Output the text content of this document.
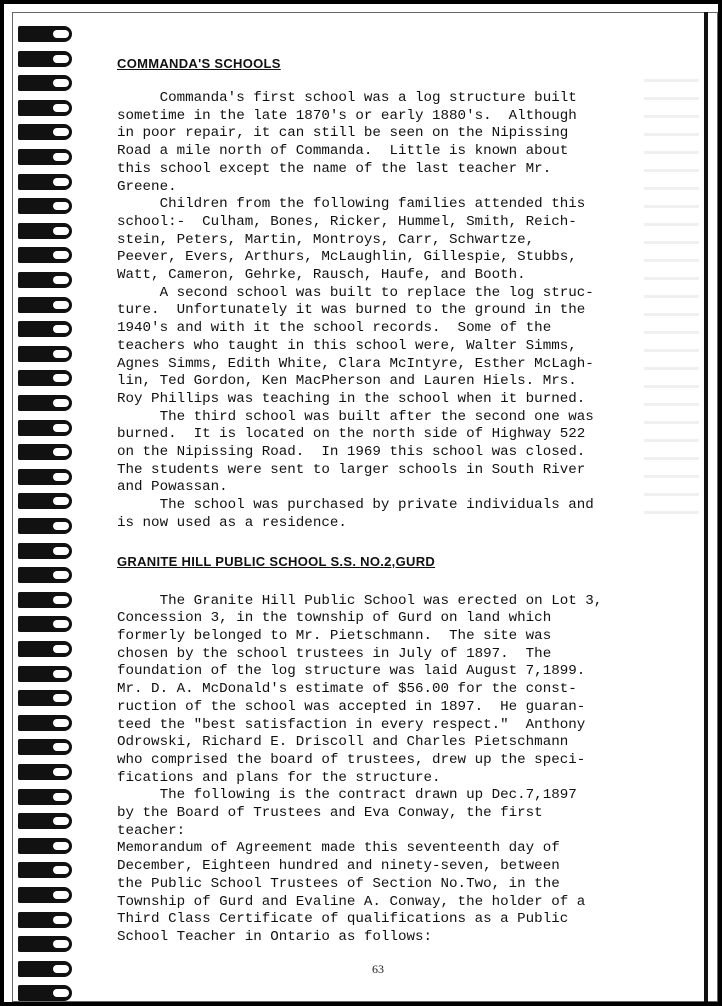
COMMANDA'S SCHOOLS

Commanda's first school was a log structure built
sometime in the late 1870's or early 1880's.  Although
in poor repair, it can still be seen on the Nipissing
Road a mile north of Commanda.  Little is known about
this school except the name of the last teacher Mr.
Greene.

Children from the following families attended this
school:-  Culham, Bones, Ricker, Hummel, Smith, Reich-
stein, Peters, Martin, Montroys, Carr, Schwartze,
Peever, Evers, Arthurs, McLaughlin, Gillespie, Stubbs,
Watt, Cameron, Gehrke, Rausch, Haufe, and Booth.

A second school was built to replace the log struc-
ture.  Unfortunately it was burned to the ground in the
1940's and with it the school records.  Some of the
teachers who taught in this school were, Walter Simms,
Agnes Simms, Edith White, Clara McIntyre, Esther McLagh-
lin, Ted Gordon, Ken MacPherson and Lauren Hiels. Mrs.
Roy Phillips was teaching in the school when it burned.

The third school was built after the second one was
burned.  It is located on the north side of Highway 522
on the Nipissing Road.  In 1969 this school was closed.
The students were sent to larger schools in South River
and Powassan.

The school was purchased by private individuals and
is now used as a residence.

GRANITE HILL PUBLIC SCHOOL S.S. NO.2,GURD

The Granite Hill Public School was erected on Lot 3,
Concession 3, in the township of Gurd on land which
formerly belonged to Mr. Pietschmann.  The site was
chosen by the school trustees in July of 1897.  The
foundation of the log structure was laid August 7,1899.
Mr. D. A. McDonald's estimate of $56.00 for the const-
ruction of the school was accepted in 1897.  He guaran-
teed the "best satisfaction in every respect."  Anthony
Odrowski, Richard E. Driscoll and Charles Pietschmann
who comprised the board of trustees, drew up the speci-
fications and plans for the structure.

The following is the contract drawn up Dec.7,1897
by the Board of Trustees and Eva Conway, the first
teacher:

Memorandum of Agreement made this seventeenth day of
December, Eighteen hundred and ninety-seven, between
the Public School Trustees of Section No.Two, in the
Township of Gurd and Evaline A. Conway, the holder of a
Third Class Certificate of qualifications as a Public
School Teacher in Ontario as follows:

63
